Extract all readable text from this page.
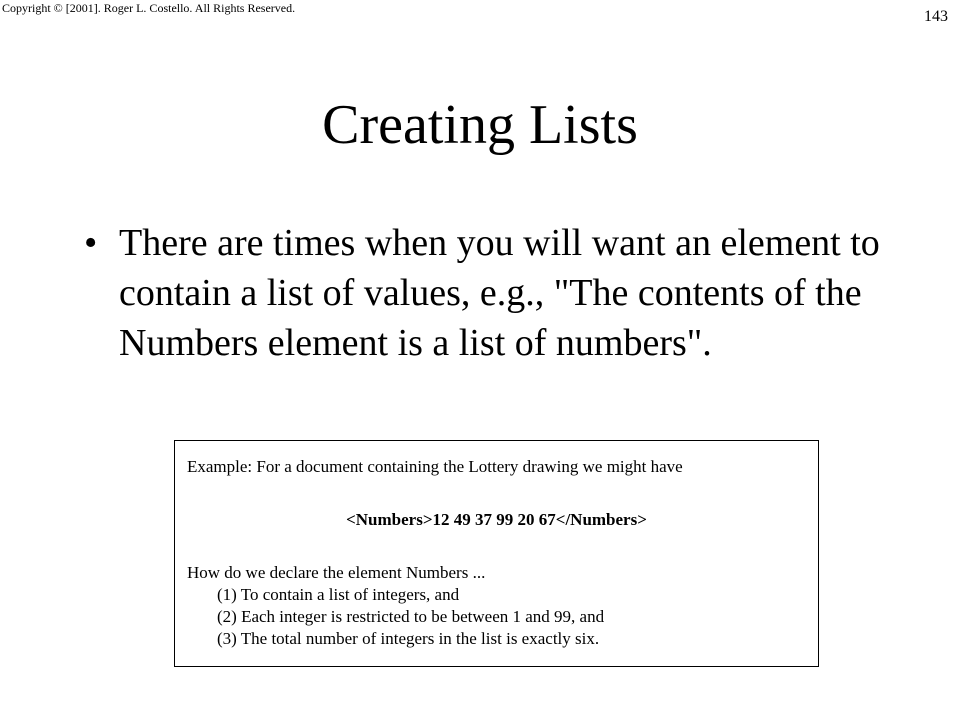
Copyright © [2001]. Roger L. Costello. All Rights Reserved.	143
Creating Lists
• There are times when you will want an element to contain a list of values, e.g., "The contents of the Numbers element is a list of numbers".
Example: For a document containing the Lottery drawing we might have
<Numbers>12 49 37 99 20 67</Numbers>
How do we declare the element Numbers ...
(1) To contain a list of integers, and
(2) Each integer is restricted to be between 1 and 99, and
(3) The total number of integers in the list is exactly six.
